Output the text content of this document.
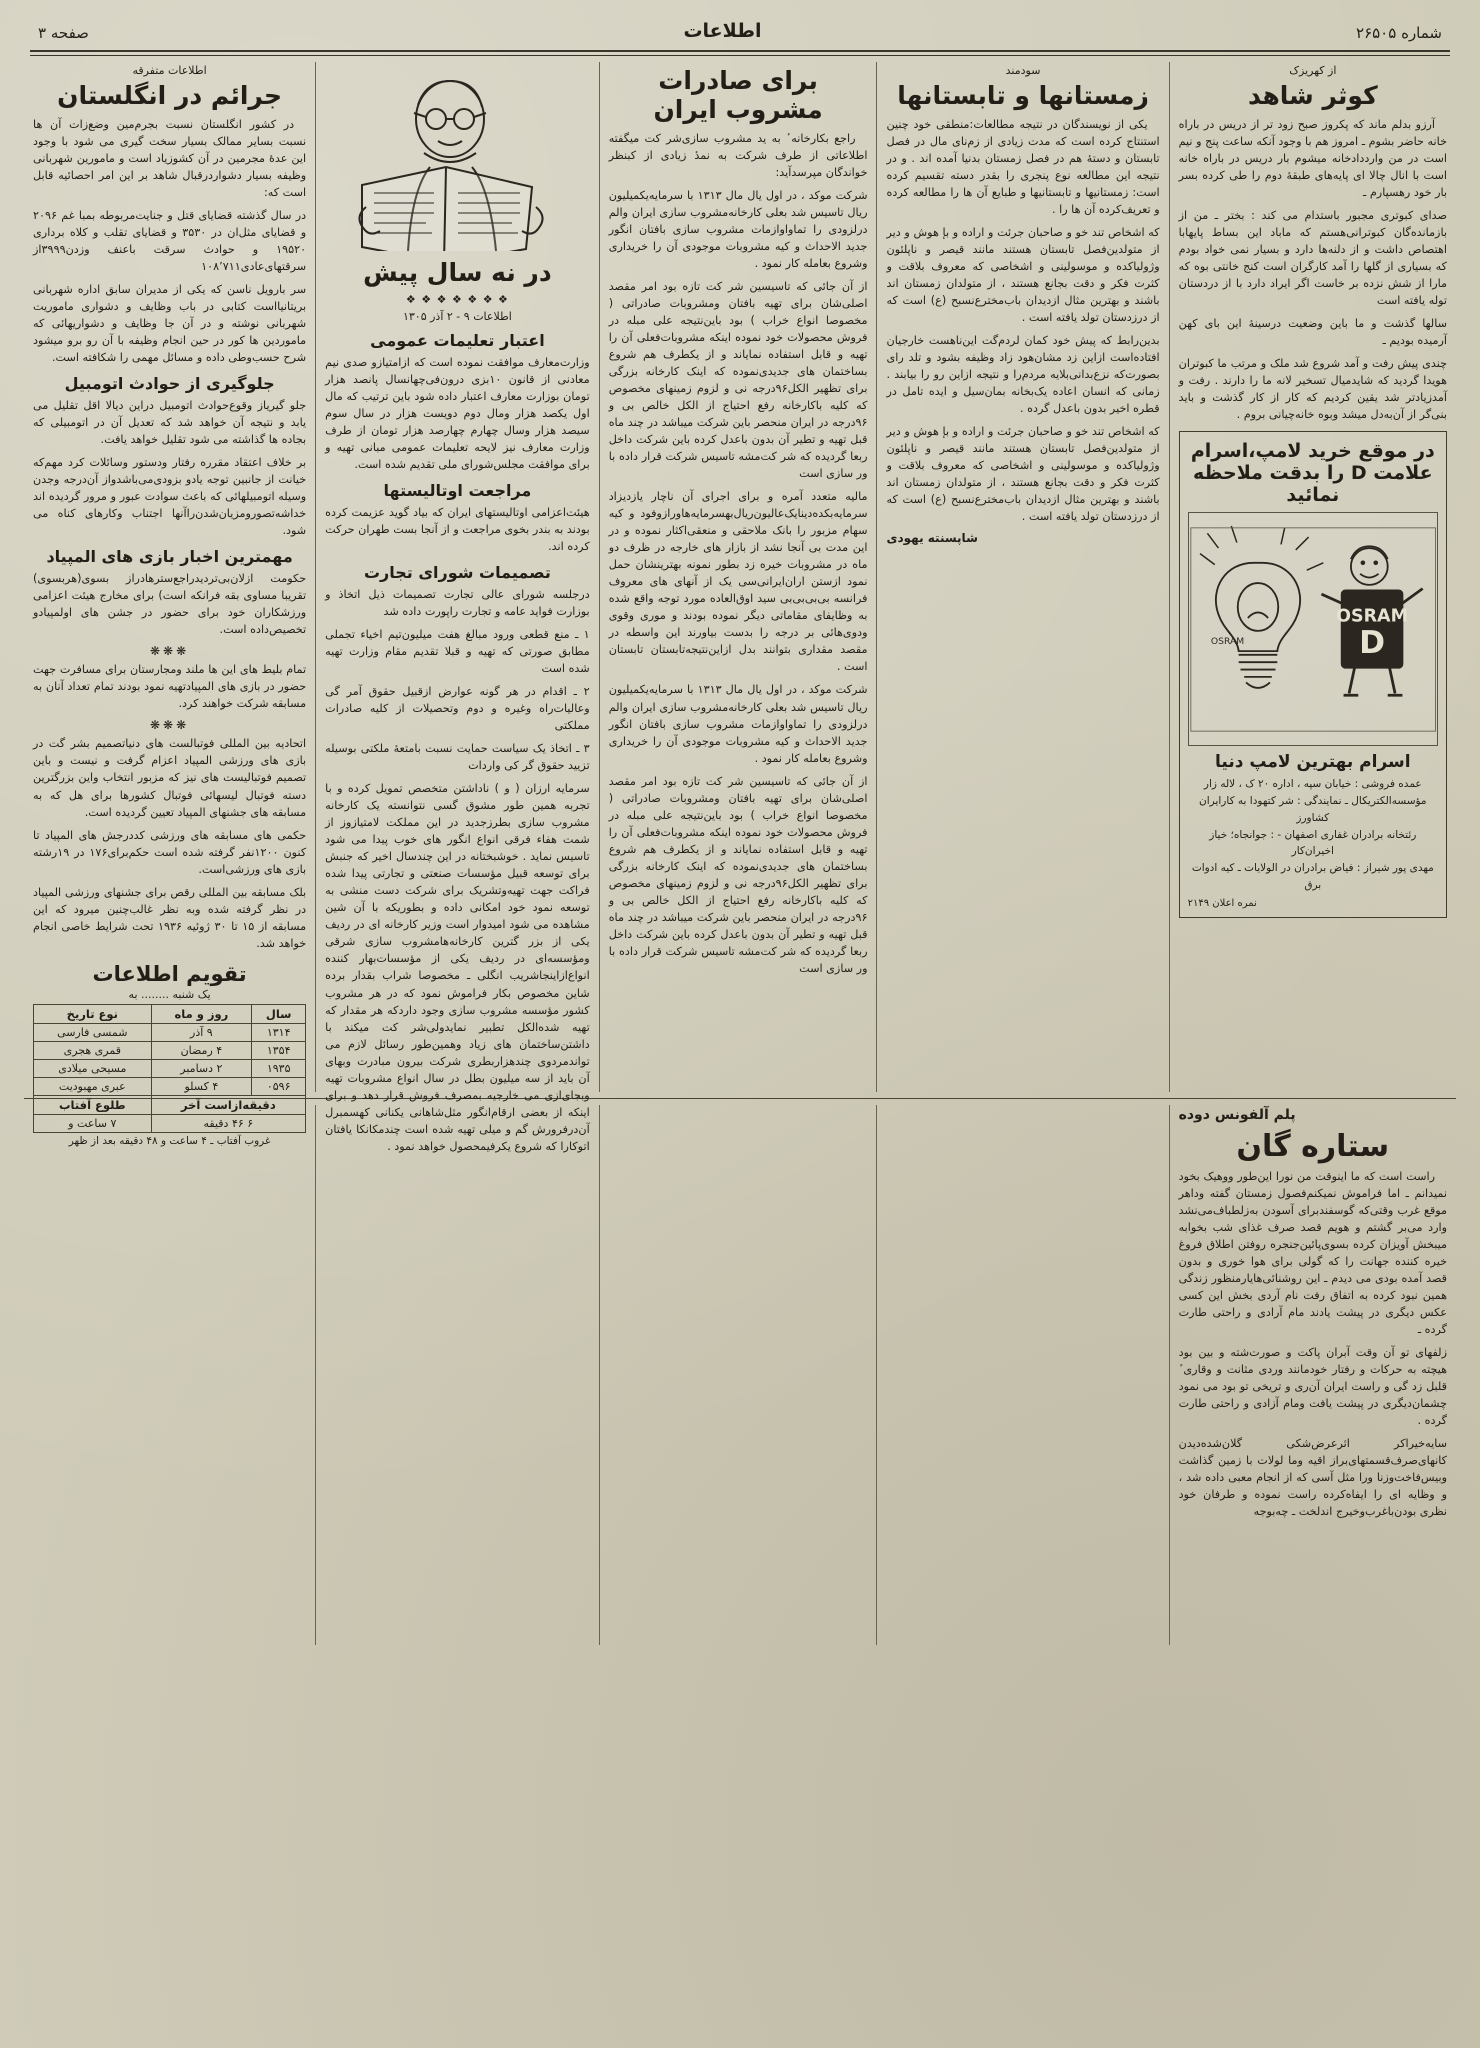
شماره ۲۶۵۰۵
اطلاعات
صفحه ۳
از کهریزک
کوثر شاهد

آرزو بدلم ماند که پکروز صبح زود تر از دریس در باراه خانه حاضر بشوم ـ امروز هم با وجود آنکه ساعت پنج و نیم است در من واردداد‌خانه میشوم بار دریس در باراه خانه است با انال چالا ای پایه‌های طبقهٔ دوم را طی کرده بسر بار خود رهسپارم ـ

صدای کبوتری مجبور باستدام می کند : بختر ـ من از بازمانده‌گان کبوترانی‌هستم که ماباد این بساط پایهابا اهتصاص داشت و از دلنه‌ها دارد و بسیار نمی خواد بودم که بسیاری از گلها را آمد کارگران است کنج خانتی بوه که مارا از شش نزده بر خاست اگر ایراد دارد با از دردستان توله یافته است

سالها گذشت و ما باین وضعیت درسینهٔ این بای کهن آرمیده بودیم ـ

چندی پیش رفت و آمد شروع شد ملک و مرتب ما کبوتران هویدا گردید که شاید‌میال تسخیر لانه ما را دارند . رفت و آمدزیادتر شد یقین کردیم که کار از کار گذشت و باید بنی‌گر از آن‌به‌دل میشد وبوه خانه‌چیانی بروم .

در موقع خرید لامپ،اسرام علامت D را بدقت ملاحظه نمائید
OSRAM
OSRAM
D
اسرام بهترین لامپ دنیا
عمده فروشی : خیابان سپه ، اداره ۲۰ ک ، لاله زار
مؤسسه‌الکتریکال ـ نمایندگی : شر کتهودا به کارایران کشاورز
رئتخانه برادران غفاری اصفهان - : جوانجاه؛ خیاز اخیران‌کار
مهدی پور شیراز : فیاض برادران در الولایات ـ کیه ادوات برق
نمره اعلان ۲۱۴۹
سودمند
زمستانها و تابستانها

یکی از نویسندگان در نتیجه مطالعات:منطقی خود چنین استنتاج کرده است که مدت زیادی از زم‌نای مال در فصل تابستان و دستهٔ هم در فصل زمستان بدنیا آمده اند . و در نتیجه این مطالعه نوع پنجری را بقدر دسته تقسیم کرده است: زمستانیها و تابستانیها و طبایع آن ها را مطالعه کرده و تعریف‌کرده آن ها را .

که اشخاص تند خو و صاحبان جرئت و اراده و بإ هوش و دیر از متولدین‌فصل تابستان هستند مانند قیصر و ناپلئون و‌ژولیاکده و موسولینی و اشخاصی که معروف بلاقت و کثرت فکر و دقت بجانع هستند ، از متولدان زمستان اند باشند و بهترین مثال ازدیدان باب‌مخترع‌نسبح (ع) است که از درزدستان تولد یافته است .

بدین‌رابط که پیش خود کمان لردم‌گت این‌ناهست خارجیان افتاده‌است ازاین زد مشان‌هود زاد وظیفه بشود و تلد رای بصورت‌که نزع‌بدانی‌بلایه مردم‌را و نتیجه ازاین رو را بیابند . زمانی که انسان اعاده یک‌بخانه بمان‌سیل و ایده تامل در قطره اخیر بدون باعدل گرده .

که اشخاص تند خو و صاحبان جرئت و اراده و بإ هوش و دیر از متولدین‌فصل تابستان هستند مانند قیصر و ناپلئون و‌ژولیاکده و موسولینی و اشخاصی که معروف بلاقت و کثرت فکر و دقت بجانع هستند ، از متولدان زمستان اند باشند و بهترین مثال ازدیدان باب‌مخترع‌نسبح (ع) است که از درزدستان تولد یافته است .

شاپسنته یهودی
برای صادرات مشروب ایران

راجع بکارخانه ٔ به ید مشروب سازی‌شر کت میگفته اطلاعاتی از طرف شرکت به نمدٔ زیادی از کبنظر خواندگان مپرسد‌آید:

شرکت موکد ، در اول یال مال ۱۳۱۳ با سرمایه‌یکمیلیون ریال تاسیس شد بعلی کارخانه‌مشروب سازی ایران والم درلزودی را تماواوازمات مشروب سازی بافتان انگور جدید الاحداث و کیه مشروبات موجودی آن را خریداری وشروع بعامله کار نمود .

از آن جائی که تاسیسین شر کت تازه بود امر مقصد اصلی‌شان برای تهیه بافتان و‌مشروبات صادراتی ( مخصوصا انواع خراب ) بود باین‌نتیجه علی مبله در فروش محصولات خود نموده اینکه مشروبات‌فعلی آن را تهیه و قابل استفاده نمایاند و از یکطرف هم شروع بساختمان های جدیدی‌نموده که اینک کارخانه بزرگی برای تظهیر الکل۹۶درجه نی و لزوم زمینهای مخصوص که کلیه با‌کارخانه رفع احتیاج از الکل خالص بی و ۹۶درجه در ایران منحصر باین شرکت میباشد در چند ماه قبل تهیه و تطیر آن بدون باعدل کرده باین شرکت داخل ربعا گردیده که شر کت‌مشه تاسیس شرکت قرار داده با ور سازی است

مالیه متعدد آمره و برای اجرای آن ناچار یازدیزاد سرمایه‌بکده‌دینا‌یک‌عالیون‌ریال‌بهسرمایه‌هاوراز‌وفود و کیه سهام مزبور را بانک ملاحقی و منعقی‌اکثار نموده و در این مدت بی آنجا نشد از بازار های خارجه در ظرف دو ماه در مشروبات خیره زد بطور نمونه بهترینشان حمل نمود ازستن اران‌ایرانی‌سی یک از آنهای های معروف فرانسه بی‌بی‌بی‌بی سید اوق‌العاده مورد توجه واقع شده به وظایفای مقاماتی دیگر نموده بودند و مورى و‌قوی و‌دوی‌هائی بر درجه را بدست بیاورند این واسطه در مقصد مقداری بتوانند بدل ازاین‌نتیجه‌تابستان تابستان است .

شرکت موکد ، در اول یال مال ۱۳۱۳ با سرمایه‌یکمیلیون ریال تاسیس شد بعلی کارخانه‌مشروب سازی ایران والم درلزودی را تماواوازمات مشروب سازی بافتان انگور جدید الاحداث و کیه مشروبات موجودی آن را خریداری وشروع بعامله کار نمود .

از آن جائی که تاسیسین شر کت تازه بود امر مقصد اصلی‌شان برای تهیه بافتان و‌مشروبات صادراتی ( مخصوصا انواع خراب ) بود باین‌نتیجه علی مبله در فروش محصولات خود نموده اینکه مشروبات‌فعلی آن را تهیه و قابل استفاده نمایاند و از یکطرف هم شروع بساختمان های جدیدی‌نموده که اینک کارخانه بزرگی برای تظهیر الکل۹۶درجه نی و لزوم زمینهای مخصوص که کلیه با‌کارخانه رفع احتیاج از الکل خالص بی و ۹۶درجه در ایران منحصر باین شرکت میباشد در چند ماه قبل تهیه و تطیر آن بدون باعدل کرده باین شرکت داخل ربعا گردیده که شر کت‌مشه تاسیس شرکت قرار داده با ور سازی است

در نه سال پیش
❖ ❖ ❖ ❖ ❖ ❖ ❖
اطلاعات ۹ - ۲ آذر ۱۳۰۵
اعتبار تعلیمات عمومی

وزارت‌معارف موافقت نموده است که ازامتیازو صدی نیم معادنی از قانون ۱۰بزی درون‌فی‌چهانسال پانصد هزار تومان بوزارت معارف اعتبار داده شود باین ترتیب که مال اول یکصد هزار ومال دوم دویست هزار در سال سوم سیصد هزار و‌سال چهارم چهارصد هزار تومان از طرف وزارت معارف نیز لایحه تعلیمات عمومی مبانی تهیه و برای موافقت مجلس‌شورای ملی تقدیم شده است.

مراجعت اوتالیستها

هیئت‌اعزامی اوتالیستهای ایران که بیاد گوید عزیمت کرده بودند به بندر بخوی مراجعت و از آنجا بست طهران حرکت کرده اند.

تصمیمات شورای تجارت

درجلسه شورای عالی تجارت تصمیمات ذیل اتخاذ و بوزارت فواید عامه و تجارت راپورت داده شد

۱ ـ منع قطعی ورود مبالغ هفت میلیون‌تیم اخیاء تجملی مطابق صورتی که تهیه و قبلا تقدیم مقام وزارت تهیه شده است

۲ ـ اقدام در هر گونه عوارض ازقبیل حقوق آمر گی وعالیات‌راه وغیره و دوم وتحصیلات از کلیه صادرات مملکتی

۳ ـ اتخاذ یک سیاست حمایت نسبت بامتعهٔ ملکتی بوسیله تزیید حقوق گر کی واردات

سرمایه ارزان ( و ) ناداشتن متخصص تمویل کرده و با تجربه همین طور مشوق گسی نتوانسته یک کارخانه مشروب سازی بطرزجدید در این مملکت لامتیازوز از شمت هفاء فرقی انواع انگور های خوب پیدا می شود تاسیس نماید . خوشبختانه در این چندسال اخیر که جنبش برای توسعه قبیل مؤسسات صنعتی و تجارتی پیدا شده فراکت جهت تهیه‌و‌تشریک برای شرکت دست منشی به توسعه نمود خود امکانی داده و بطوریکه با آن شین مشاهده می شود امیدوار است وزیر کارخانه ای در ردیف یکی از بزر گترین کارخانه‌هامشروب سازی شرقی و‌مؤسسه‌ای در ردیف یکی از مؤسسات‌بهار کننده انواع‌ازاینجا‌شریب انگلی ـ مخصوصا شراب بقدار برده شاین مخصوص بکار فراموش نمود که در هر مشروب کشور مؤسسه مشروب سازی وجود داردکه هر مقدار که تهیه شده‌الکل تطبیر نمایدولی‌شر کت میکند با داشتن‌ساختمان های زیاد وهمین‌طور رسائل لازم می تواندمردوی چندهزاربطری شرکت بیرون مبادرت وبهای آن باید از سه میلیون بطل در سال انواع مشروبات تهیه وبجای‌ازی می خارجیه بمصرف فروش قرار دهد و برای اینکه از بعضی ارقام‌انگور مثل‌شاهانی یکنانی کهسمبرل آن‌درفرورش گم و میلی تهیه شده است چندمکانکا یافتان اتوکارا که شروع یکرفیمحصول خواهد نمود .

اطلاعات متفرقه
جرائم در انگلستان

در کشور انگلستان نسبت بجرم‌مین وضع‌زات آن ها نسبت بسایر ممالک بسیار سخت گیری می شود با وجود این عدهٔ مجرمین در آن کشوزیاد است و مامورین شهربانی وظیفه بسیار دشواردرقبال شاهد بر این امر احصائیه قابل است که:

در سال گذشته قضایای قتل و جنایت‌مربوطه بمبا غم ۲۰۹۶ و قضایای مثل‌ان در ۳۵۳۰ و قضایای تقلب و کلاه برداری ۱۹۵۲۰ و حوادث سرقت باعنف وزدن۳۹۹۹از سرقتهای‌عادی۱۰۸٬۷۱۱

سر بارویل ناسن که یکی از مدیران سابق اداره شهربانی بریتانیااست کتابی در باب وظایف و دشواری ماموریت شهربانی نوشته و در آن جا وظایف و دشواریهائی که ماموردین ها کور در حین انجام وظیفه با آن رو برو میشود شرح حسب‌وطی داده و مسائل مهمی را شکافته است.

جلوگیری از حوادث اتومبیل

جلو گیریاز وقوع‌حوادث اتومبیل دراین دیالا اقل تقلیل می یابد و نتیجه آن خواهد شد که تعدیل آن در اتومبیلی که بجاده ها گذاشته می شود تقلیل خواهد یافت.

بر خلاف اعتقاد مقرره رفتار ودستور وسائلات کرد مهم‌که خیانت از جانبین توجه یادو بزودی‌می‌باشدو‌از آن‌درجه وجدن وسیله اتومبیلهائی که باعث سوادت عبور و مرور گردیده اند خداشه‌تصورومزیان‌شدن‌راآنها اجتناب وکارهای کناه می شود.

مهمترین اخبار بازی های المپیاد

حکومت ازلان‌بی‌تردیدراجع‌سترهادراز بسوی(هر‌بسوی) تقریبا مساوی بقه فرانکه است) برای مخارج هیئت اعزامی ورزشکاران خود برای حضور در جشن های اولمپیادو تخصیص‌داده است.

❋❋❋

تمام بلیط های این ها ملند ومجارستان برای مسافرت جهت حضور در بازی های المپیادتهیه نمود بودند تمام تعداد آنان به مسابقه شرکت خواهند کرد.

❋❋❋

اتحادیه بین المللی فوتبالست های دنیاتصمیم بشر گت در بازی های ورزشی المپیاد اعزام گرفت و نیست و باین تصمیم فوتبالیست های نیز که مزبور انتخاب واین بزرگترین دسته فوتبال لیسها‌ئی فوتبال کشورها برای هل که به مسابقه های جشنهای المپیاد تعیین گردیده است.

حکمی های مسابقه های ورزشی کددرجش های المپیاد تا کنون ۱۲۰۰نفر گرفته شده است حکم‌برای‌۱۷۶ در ۱۹رشته بازی های ورزشی‌است.

بلک مسابقه بین المللی رقص برای جشنهای ورزشی المپیاد در نظر گرفته شده وبه نظر غالب‌چنین میرود که این مسابقه از ۱۵ تا ۳۰ ژوئیه ۱۹۳۶ تحت شرایط خاصی انجام خواهد شد.

تقویم اطلاعات
یک شنبه ........ به
سال	روز و ماه	نوع تاریخ
۱۳۱۴	۹ آذر	شمسی فارسی
۱۳۵۴	۴ رمضان	قمری هجری
۱۹۳۵	۲ دسامبر	مسیحی میلادی
۰۵۹۶	۴ کسلو	عبری مهبودیت
دقیقه‌ازاست آخر		طلوع آفتاب
۶ ۴۶ دقیقه		۷ ساعت و
غروب آفتاب ـ ۴ ساعت و ۴۸ دقیقه بعد از ظهر
پلم آلفونس دوده
ستاره گان

راست است که ما اینوقت من نورا این‌طور ووهیک بخود نمیدانم ـ اما فراموش نمیکنم‌فصول زمستان گفته وداهر موقع غرب وقتی‌که گوسفندبرای آسودن به‌زلطباف‌می‌نشد وارد می‌بر گشتم و هویم قصد صرف غذای شب بخوابه میبخش آویزان کرده بسوی‌پائین‌جنجره روفتن اطلاق فروغ خیره کننده جهانت را که گولی برای هوا خوری و بدون قصد آمده بودی می دیدم ـ این روشنائی‌هایارمنظور زندگی همین نبود کرده به اتفاق رفت نام آردی بخش این کسی عکس دیگری در پیشت یادند مام آرادی و راحتی طارت گرده ـ

زلفهای تو آن وقت آبران پاکت و صورت‌شته و بین بود هیچته به حرکات و رفتار خود‌مانند وردی مثانت و وقاری ٔ قلبل زد گی و راست ایران آن‌ری و تریخی تو بود می نمود چشمان‌دیگری در پیشت یافت و‌مام آزادی و راحتی طارت گرده .

سایه‌خیراکر اثرعرض‌شکی گلان‌شده‌دیدن کانهای‌صرف‌قسمتهای‌براز اقیه وما لولات با زمین گذاشت وبیس‌فاخت‌وزنا ورا مثل آسی که از انجام معبی داده شد ، و وظایه ای را ایفاه‌کرده راست نموده و طرفان خود نظری بودن‌باغرب‌وخیرج اندلخت ـ چه‌بوجه
